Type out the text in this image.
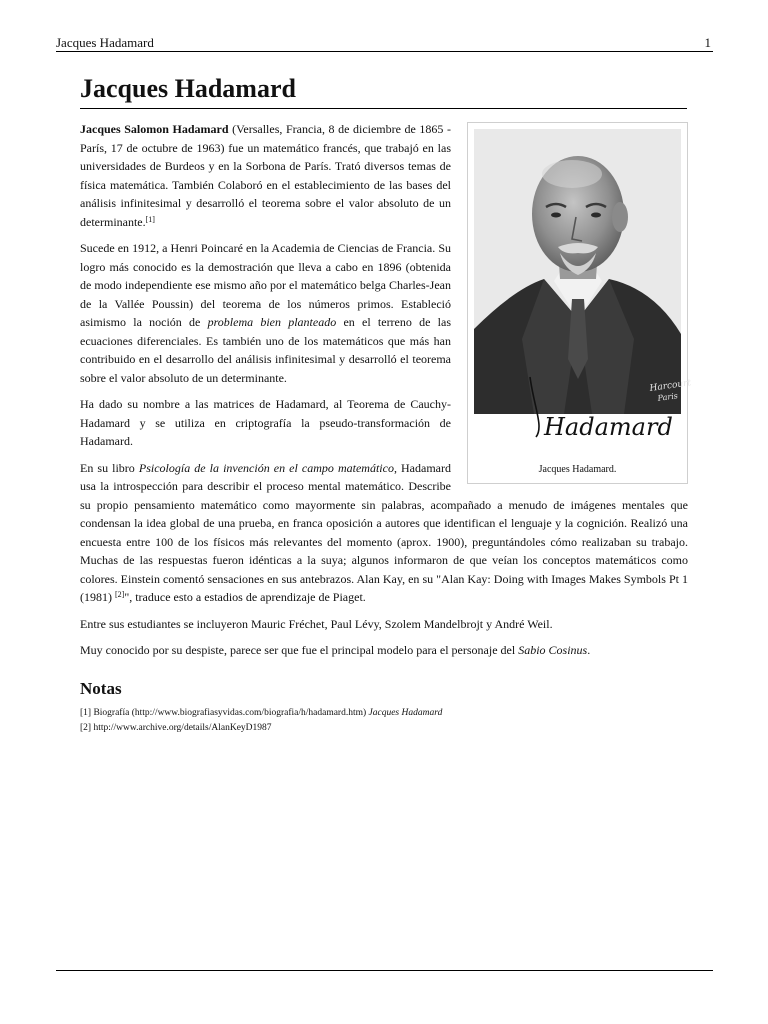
Jacques Hadamard	1
Jacques Hadamard
Harcourt
Paris
Hadamard
Jacques Hadamard.

Jacques Salomon Hadamard (Versalles, Francia, 8 de diciembre de 1865 - París, 17 de octubre de 1963) fue un matemático francés, que trabajó en las universidades de Burdeos y en la Sorbona de París. Trató diversos temas de física matemática. También Colaboró en el establecimiento de las bases del análisis infinitesimal y desarrolló el teorema sobre el valor absoluto de un determinante.[1]

Sucede en 1912, a Henri Poincaré en la Academia de Ciencias de Francia. Su logro más conocido es la demostración que lleva a cabo en 1896 (obtenida de modo independiente ese mismo año por el matemático belga Charles-Jean de la Vallée Poussin) del teorema de los números primos. Estableció asimismo la noción de problema bien planteado en el terreno de las ecuaciones diferenciales. Es también uno de los matemáticos que más han contribuido en el desarrollo del análisis infinitesimal y desarrolló el teorema sobre el valor absoluto de un determinante.

Ha dado su nombre a las matrices de Hadamard, al Teorema de Cauchy-Hadamard y se utiliza en criptografía la pseudo-transformación de Hadamard.

En su libro Psicología de la invención en el campo matemático, Hadamard usa la introspección para describir el proceso mental matemático. Describe su propio pensamiento matemático como mayormente sin palabras, acompañado a menudo de imágenes mentales que condensan la idea global de una prueba, en franca oposición a autores que identifican el lenguaje y la cognición. Realizó una encuesta entre 100 de los físicos más relevantes del momento (aprox. 1900), preguntándoles cómo realizaban su trabajo. Muchas de las respuestas fueron idénticas a la suya; algunos informaron de que veían los conceptos matemáticos como colores. Einstein comentó sensaciones en sus antebrazos. Alan Kay, en su "Alan Kay: Doing with Images Makes Symbols Pt 1 (1981) [2]", traduce esto a estadios de aprendizaje de Piaget.

Entre sus estudiantes se incluyeron Mauric Fréchet, Paul Lévy, Szolem Mandelbrojt y André Weil.

Muy conocido por su despiste, parece ser que fue el principal modelo para el personaje del Sabio Cosinus.

Notas
[1] Biografía (http://www.biografiasyvidas.com/biografia/h/hadamard.htm) Jacques Hadamard
[2] http://www.archive.org/details/AlanKeyD1987
